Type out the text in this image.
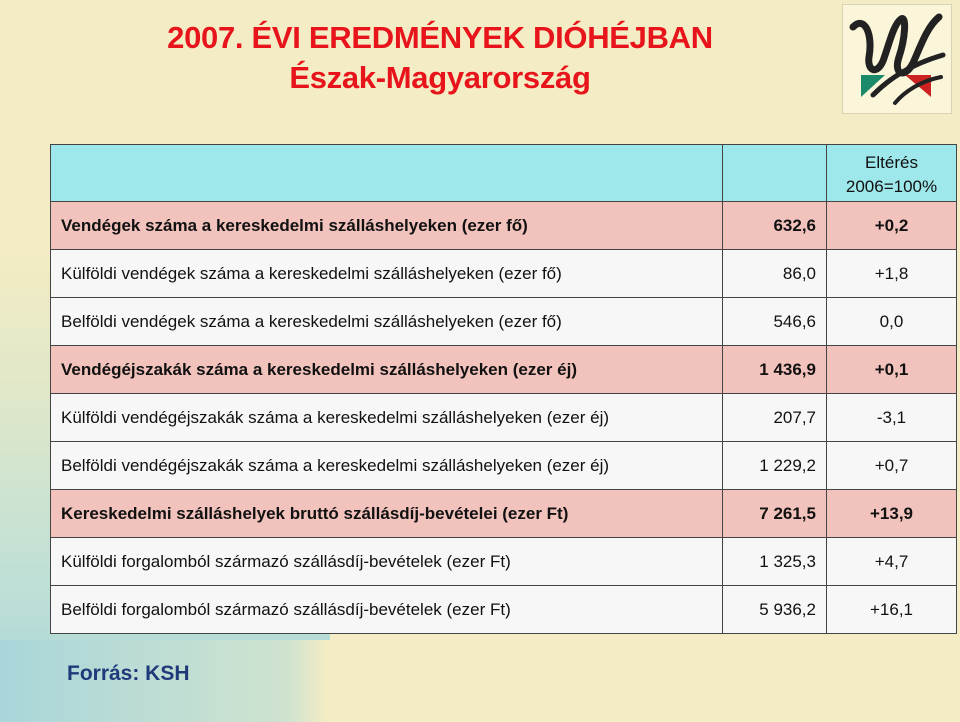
2007. ÉVI EREDMÉNYEK DIÓHÉJBAN
Észak-Magyarország

		Eltérés
2006=100%

Vendégek száma a kereskedelmi szálláshelyeken (ezer fő)	632,6	+0,2
Külföldi vendégek száma a kereskedelmi szálláshelyeken (ezer fő)	86,0	+1,8
Belföldi vendégek száma a kereskedelmi szálláshelyeken (ezer fő)	546,6	0,0
Vendégéjszakák száma a kereskedelmi szálláshelyeken (ezer éj)	1 436,9	+0,1
Külföldi vendégéjszakák száma a kereskedelmi szálláshelyeken (ezer éj)	207,7	-3,1
Belföldi vendégéjszakák száma a kereskedelmi szálláshelyeken (ezer éj)	1 229,2	+0,7
Kereskedelmi szálláshelyek bruttó szállásdíj-bevételei (ezer Ft)	7 261,5	+13,9
Külföldi forgalomból származó szállásdíj-bevételek (ezer Ft)	1 325,3	+4,7
Belföldi forgalomból származó szállásdíj-bevételek (ezer Ft)	5 936,2	+16,1
Forrás: KSH
